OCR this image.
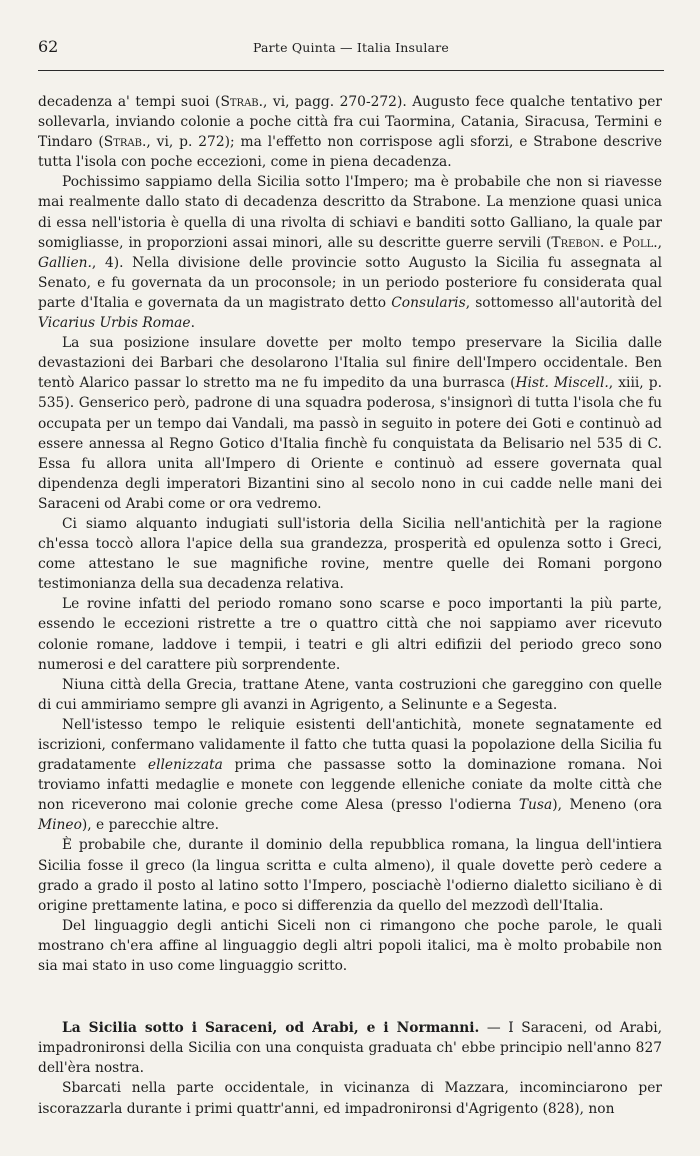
62	Parte Quinta — Italia Insulare

decadenza a' tempi suoi (Strab., vi, pagg. 270-272). Augusto fece qualche tentativo per sollevarla, inviando colonie a poche città fra cui Taormina, Catania, Siracusa, Termini e Tindaro (Strab., vi, p. 272); ma l'effetto non corrispose agli sforzi, e Strabone descrive tutta l'isola con poche eccezioni, come in piena decadenza.

Pochissimo sappiamo della Sicilia sotto l'Impero; ma è probabile che non si riavesse mai realmente dallo stato di decadenza descritto da Strabone. La menzione quasi unica di essa nell'istoria è quella di una rivolta di schiavi e banditi sotto Galliano, la quale par somigliasse, in proporzioni assai minori, alle su descritte guerre servili (Trebon. e Poll., Gallien., 4). Nella divisione delle provincie sotto Augusto la Sicilia fu assegnata al Senato, e fu governata da un proconsole; in un periodo posteriore fu considerata qual parte d'Italia e governata da un magistrato detto Consularis, sottomesso all'autorità del Vicarius Urbis Romae.

La sua posizione insulare dovette per molto tempo preservare la Sicilia dalle devastazioni dei Barbari che desolarono l'Italia sul finire dell'Impero occidentale. Ben tentò Alarico passar lo stretto ma ne fu impedito da una burrasca (Hist. Miscell., xiii, p. 535). Genserico però, padrone di una squadra poderosa, s'insignorì di tutta l'isola che fu occupata per un tempo dai Vandali, ma passò in seguito in potere dei Goti e continuò ad essere annessa al Regno Gotico d'Italia finchè fu conquistata da Belisario nel 535 di C. Essa fu allora unita all'Impero di Oriente e continuò ad essere governata qual dipendenza degli imperatori Bizantini sino al secolo nono in cui cadde nelle mani dei Saraceni od Arabi come or ora vedremo.

Ci siamo alquanto indugiati sull'istoria della Sicilia nell'antichità per la ragione ch'essa toccò allora l'apice della sua grandezza, prosperità ed opulenza sotto i Greci, come attestano le sue magnifiche rovine, mentre quelle dei Romani porgono testimonianza della sua decadenza relativa.

Le rovine infatti del periodo romano sono scarse e poco importanti la più parte, essendo le eccezioni ristrette a tre o quattro città che noi sappiamo aver ricevuto colonie romane, laddove i tempii, i teatri e gli altri edifizii del periodo greco sono numerosi e del carattere più sorprendente.

Niuna città della Grecia, trattane Atene, vanta costruzioni che gareggino con quelle di cui ammiriamo sempre gli avanzi in Agrigento, a Selinunte e a Segesta.

Nell'istesso tempo le reliquie esistenti dell'antichità, monete segnatamente ed iscrizioni, confermano validamente il fatto che tutta quasi la popolazione della Sicilia fu gradatamente ellenizzata prima che passasse sotto la dominazione romana. Noi troviamo infatti medaglie e monete con leggende elleniche coniate da molte città che non riceverono mai colonie greche come Alesa (presso l'odierna Tusa), Meneno (ora Mineo), e parecchie altre.

È probabile che, durante il dominio della repubblica romana, la lingua dell'intiera Sicilia fosse il greco (la lingua scritta e culta almeno), il quale dovette però cedere a grado a grado il posto al latino sotto l'Impero, posciachè l'odierno dialetto siciliano è di origine prettamente latina, e poco si differenzia da quello del mezzodì dell'Italia.

Del linguaggio degli antichi Siceli non ci rimangono che poche parole, le quali mostrano ch'era affine al linguaggio degli altri popoli italici, ma è molto probabile non sia mai stato in uso come linguaggio scritto.

La Sicilia sotto i Saraceni, od Arabi, e i Normanni. — I Saraceni, od Arabi, impadronironsi della Sicilia con una conquista graduata ch' ebbe principio nell'anno 827 dell'èra nostra.

Sbarcati nella parte occidentale, in vicinanza di Mazzara, incominciarono per iscorazzarla durante i primi quattr'anni, ed impadronironsi d'Agrigento (828), non
